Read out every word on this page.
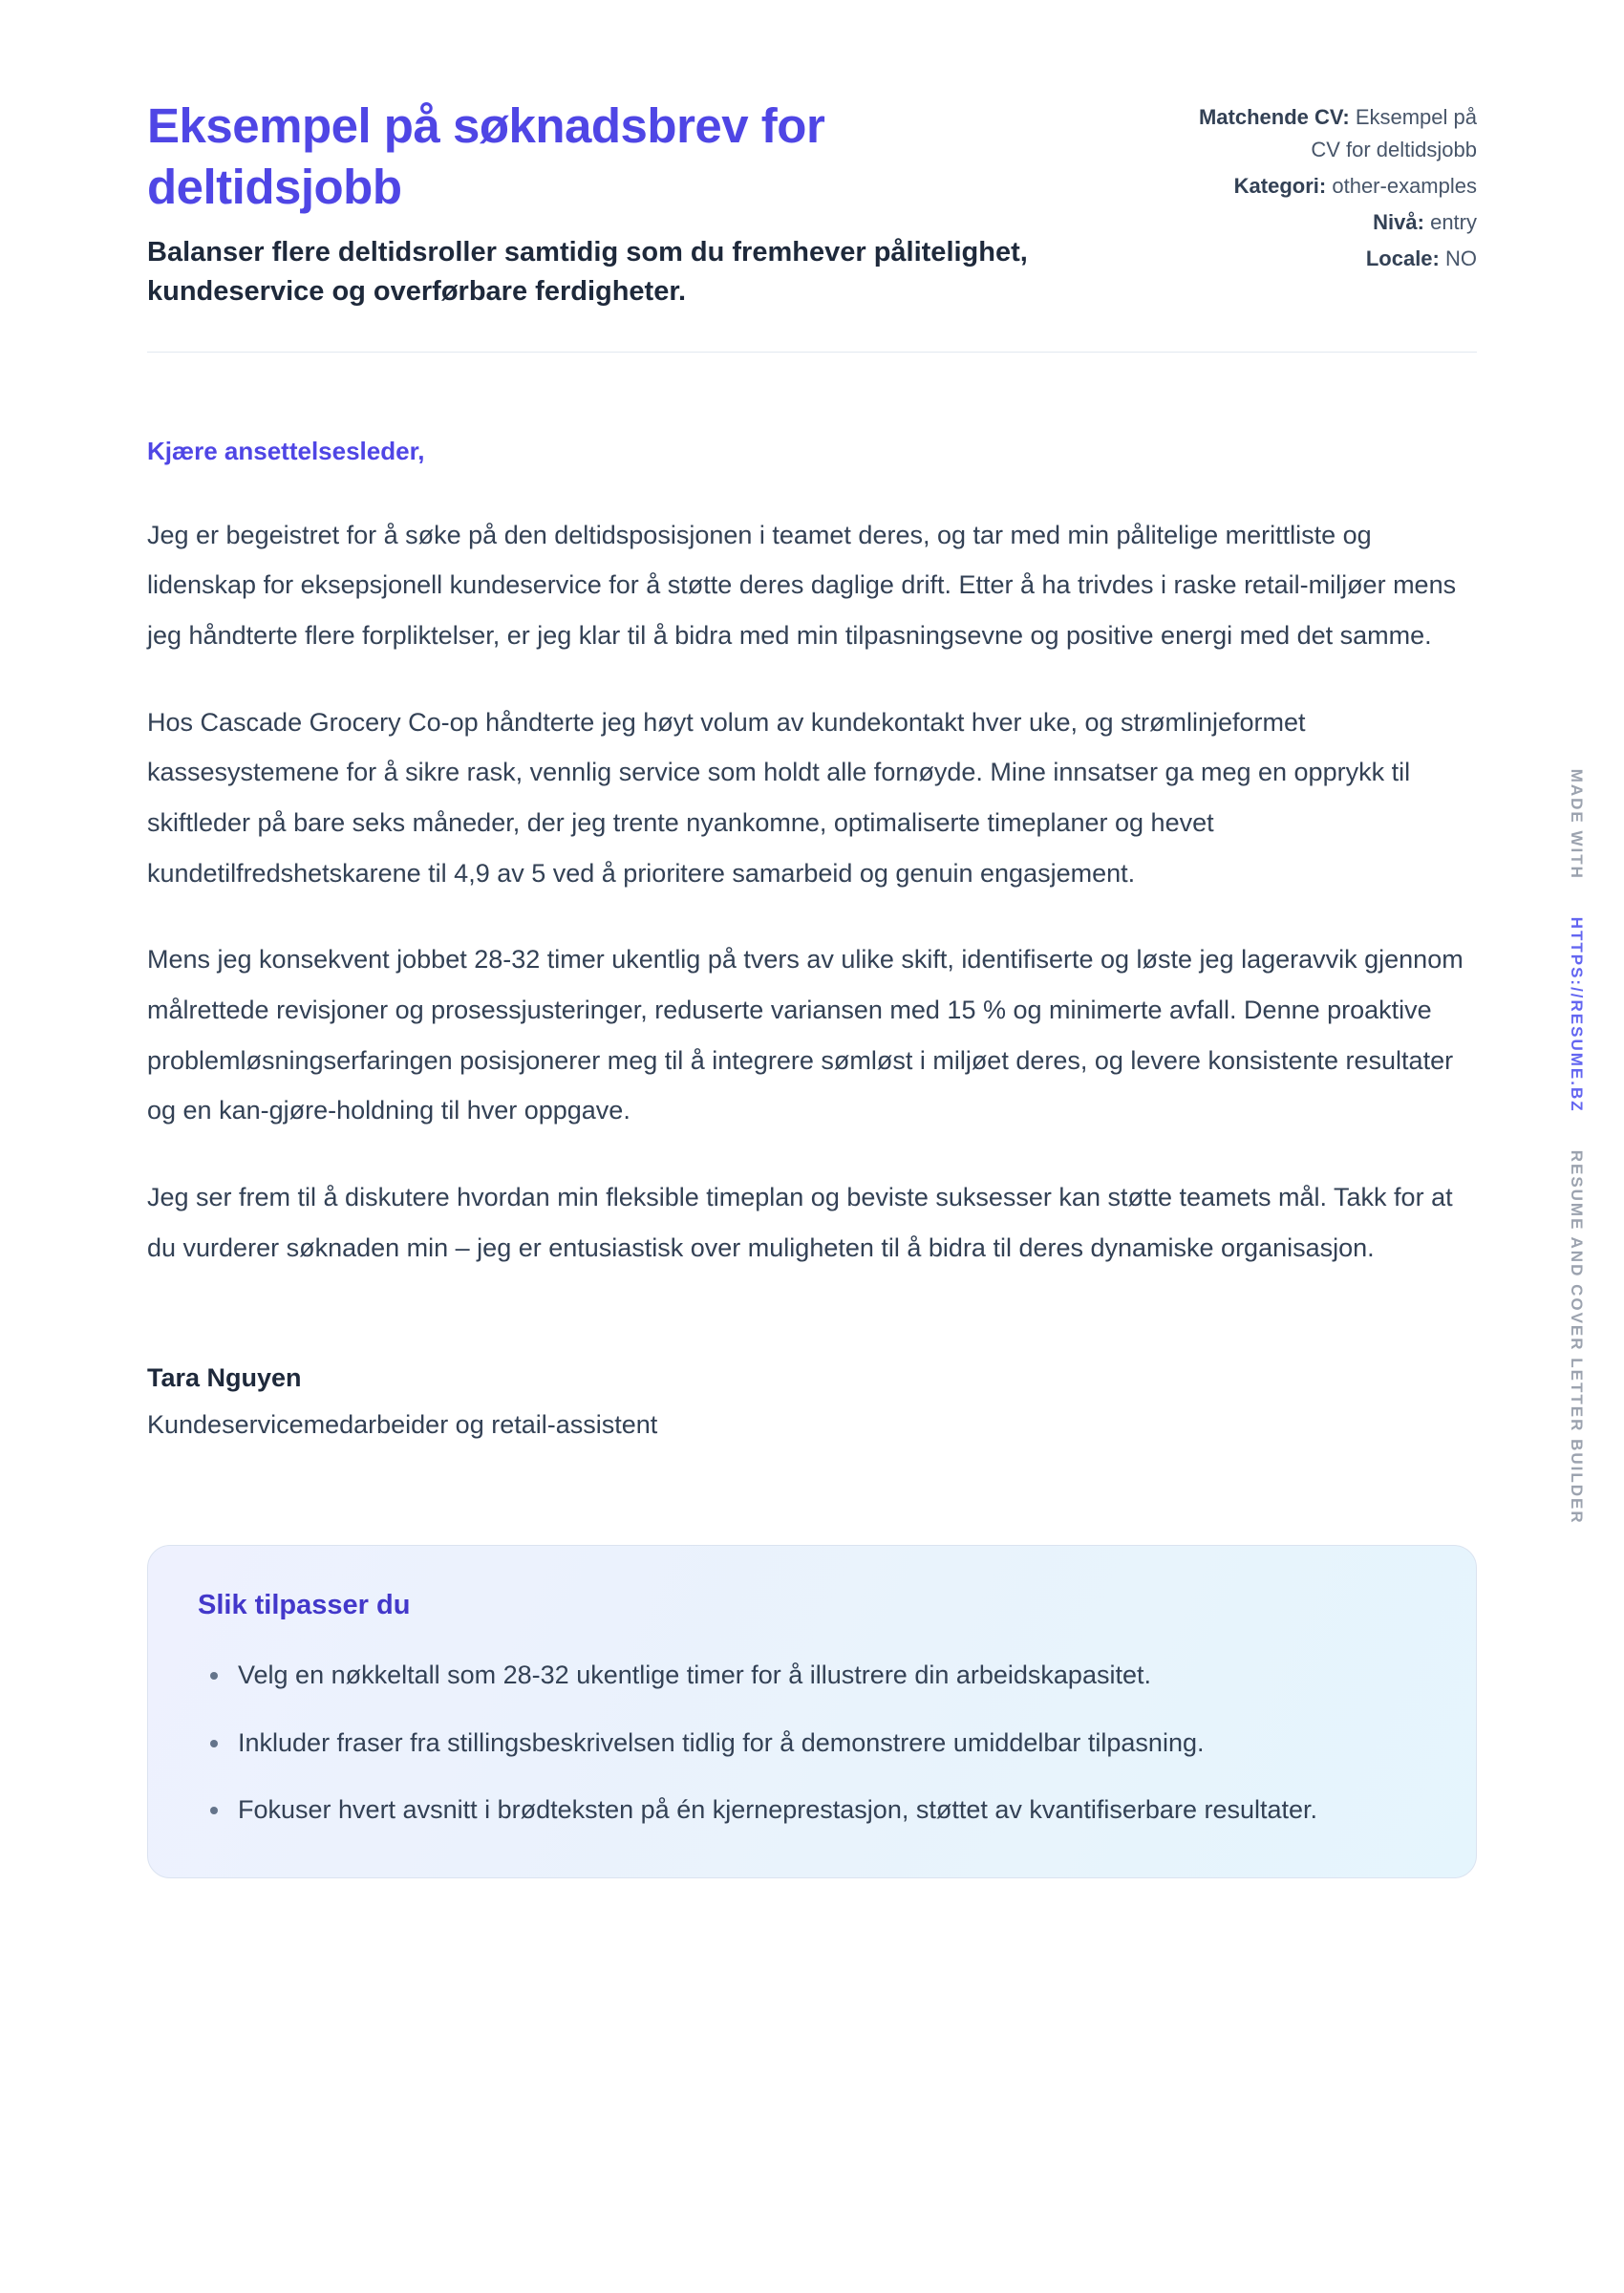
Eksempel på søknadsbrev for deltidsjobb

Balanser flere deltidsroller samtidig som du fremhever pålitelighet, kundeservice og overførbare ferdigheter.

Matchende CV: Eksempel på CV for deltidsjobb
Kategori: other-examples
Nivå: entry
Locale: NO

Kjære ansettelsesleder,

Jeg er begeistret for å søke på den deltidsposisjonen i teamet deres, og tar med min pålitelige merittliste og lidenskap for eksepsjonell kundeservice for å støtte deres daglige drift. Etter å ha trivdes i raske retail-miljøer mens jeg håndterte flere forpliktelser, er jeg klar til å bidra med min tilpasningsevne og positive energi med det samme.

Hos Cascade Grocery Co-op håndterte jeg høyt volum av kundekontakt hver uke, og strømlinjeformet kassesystemene for å sikre rask, vennlig service som holdt alle fornøyde. Mine innsatser ga meg en opprykk til skiftleder på bare seks måneder, der jeg trente nyankomne, optimaliserte timeplaner og hevet kundetilfredshetskarene til 4,9 av 5 ved å prioritere samarbeid og genuin engasjement.

Mens jeg konsekvent jobbet 28-32 timer ukentlig på tvers av ulike skift, identifiserte og løste jeg lageravvik gjennom målrettede revisjoner og prosessjusteringer, reduserte variansen med 15 % og minimerte avfall. Denne proaktive problemløsningserfaringen posisjonerer meg til å integrere sømløst i miljøet deres, og levere konsistente resultater og en kan-gjøre-holdning til hver oppgave.

Jeg ser frem til å diskutere hvordan min fleksible timeplan og beviste suksesser kan støtte teamets mål. Takk for at du vurderer søknaden min – jeg er entusiastisk over muligheten til å bidra til deres dynamiske organisasjon.

Tara Nguyen

Kundeservicemedarbeider og retail-assistent

Slik tilpasser du
• Velg en nøkkeltall som 28-32 ukentlige timer for å illustrere din arbeidskapasitet.
• Inkluder fraser fra stillingsbeskrivelsen tidlig for å demonstrere umiddelbar tilpasning.
• Fokuser hvert avsnitt i brødteksten på én kjerneprestasjon, støttet av kvantifiserbare resultater.
MADE WITH HTTPS://RESUME.BZ RESUME AND COVER LETTER BUILDER
